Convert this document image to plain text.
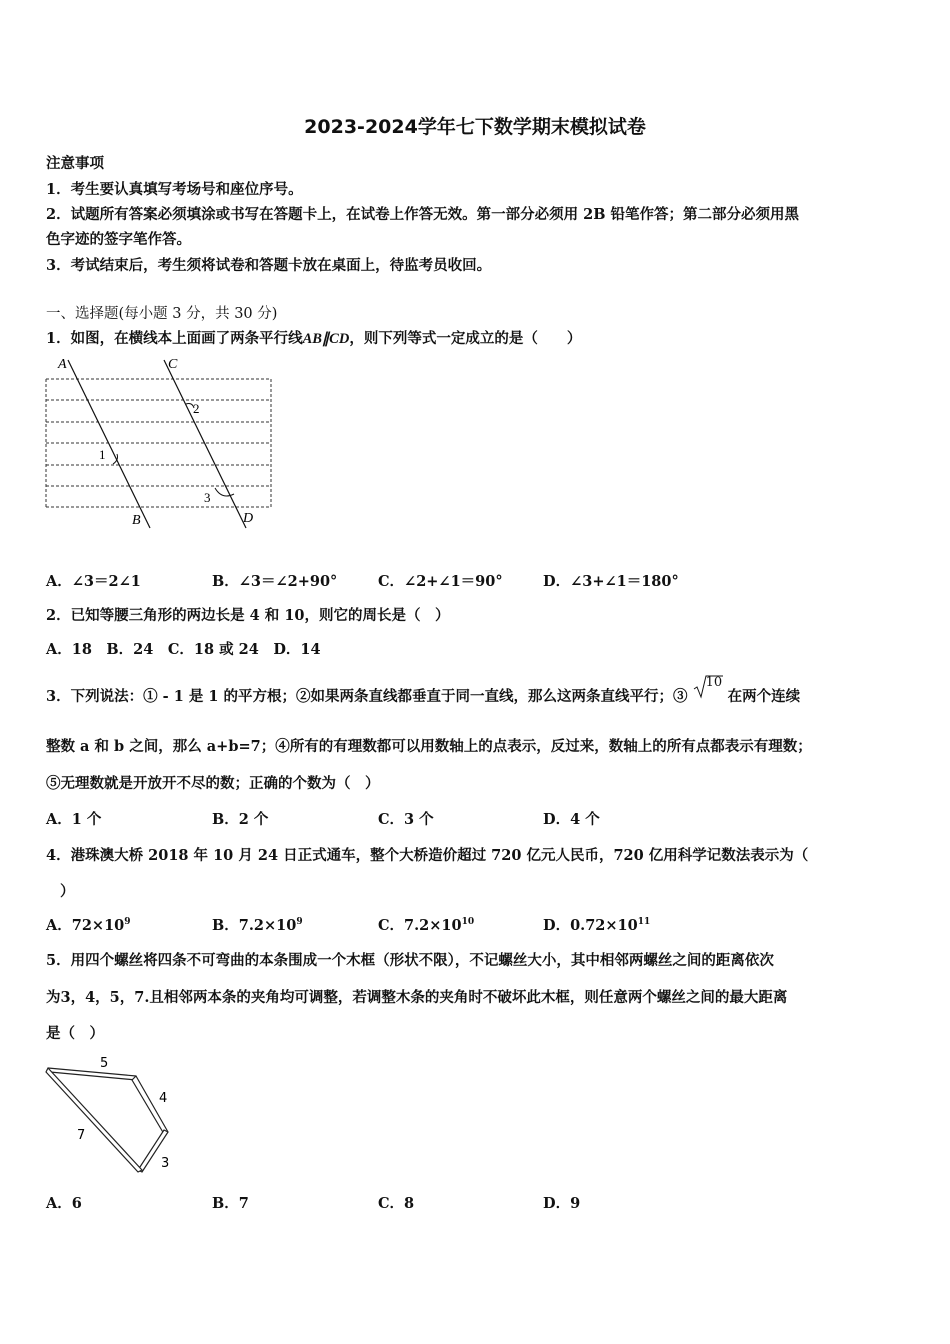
2023-2024学年七下数学期末模拟试卷
注意事项
1．考生要认真填写考场号和座位序号。
2．试题所有答案必须填涂或书写在答题卡上，在试卷上作答无效。第一部分必须用 2B 铅笔作答；第二部分必须用黑
色字迹的签字笔作答。
3．考试结束后，考生须将试卷和答题卡放在桌面上，待监考员收回。
一、选择题(每小题 3 分，共 30 分)
1．如图，在横线本上面画了两条平行线AB∥CD，则下列等式一定成立的是（　　）
A	C
B	D
1
2
3
A．∠3＝2∠1	B．∠3＝∠2+90°	C．∠2+∠1＝90°	D．∠3+∠1＝180°
2．已知等腰三角形的两边长是 4 和 10，则它的周长是（　）
A．18　B．24　C．18 或 24　D．14
3．下列说法：① - 1 是 1 的平方根；②如果两条直线都垂直于同一直线，那么这两条直线平行；③
10
在两个连续
整数 a 和 b 之间，那么 a+b=7；④所有的有理数都可以用数轴上的点表示，反过来，数轴上的所有点都表示有理数；
⑤无理数就是开放开不尽的数；正确的个数为（　）
A．1 个	B．2 个	C．3 个	D．4 个
4．港珠澳大桥 2018 年 10 月 24 日正式通车，整个大桥造价超过 720 亿元人民币，720 亿用科学记数法表示为（
）
A．$72\times 10^9$	B．$7.2\times 10^9$	C．$7.2\times 10^{10}$	D．$0.72\times 10^{11}$
5．用四个螺丝将四条不可弯曲的本条围成一个木框（形状不限），不记螺丝大小，其中相邻两螺丝之间的距离依次
为3，4，5，7.且相邻两本条的夹角均可调整，若调整木条的夹角时不破坏此木框，则任意两个螺丝之间的最大距离
是（　）
5
4
7
3
A．6	B．7	C．8	D．9
